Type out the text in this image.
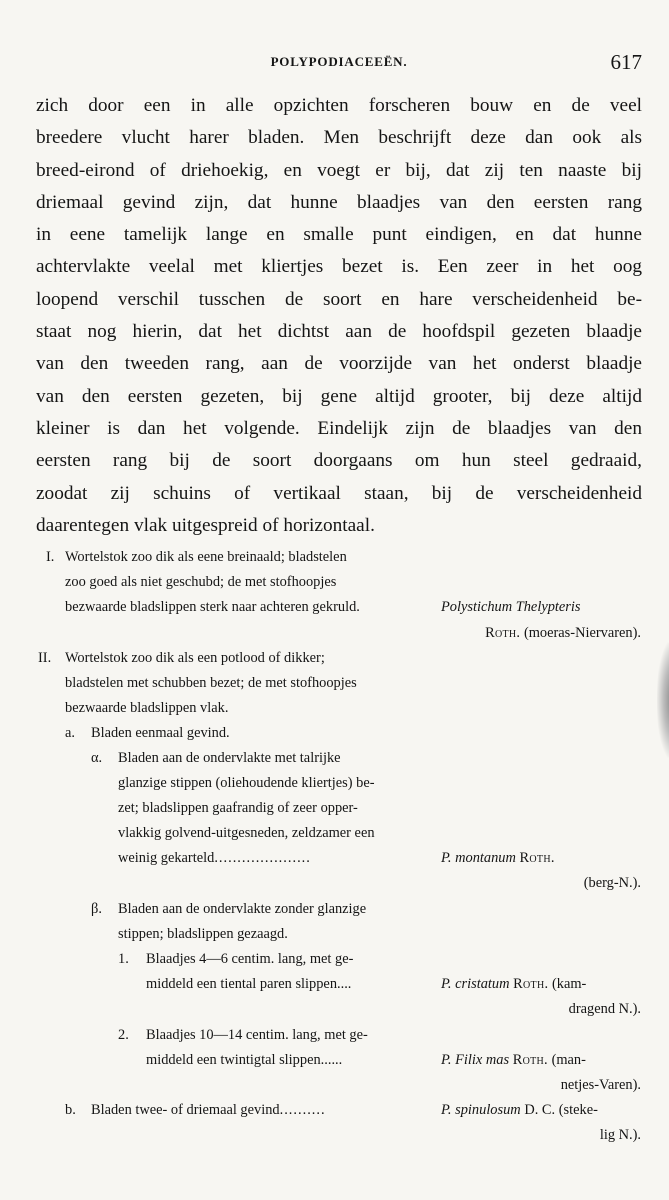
POLYPODIACEEËN.	617
zich door een in alle opzichten forscheren bouw en de veel
breedere vlucht harer bladen. Men beschrijft deze dan ook als
breed-eirond of driehoekig, en voegt er bij, dat zij ten naaste bij
driemaal gevind zijn, dat hunne blaadjes van den eersten rang
in eene tamelijk lange en smalle punt eindigen, en dat hunne
achtervlakte veelal met kliertjes bezet is. Een zeer in het oog
loopend verschil tusschen de soort en hare verscheidenheid be-
staat nog hierin, dat het dichtst aan de hoofdspil gezeten blaadje
van den tweeden rang, aan de voorzijde van het onderst blaadje
van den eersten gezeten, bij gene altijd grooter, bij deze altijd
kleiner is dan het volgende. Eindelijk zijn de blaadjes van den
eersten rang bij de soort doorgaans om hun steel gedraaid,
zoodat zij schuins of vertikaal staan, bij de verscheidenheid
daarentegen vlak uitgespreid of horizontaal.
I. Wortelstok zoo dik als eene breinaald; bladstelen
zoo goed als niet geschubd; de met stofhoopjes
bezwaarde bladslippen sterk naar achteren gekruld.	Polystichum Thelypteris
Roth. (moeras-Niervaren).
II. Wortelstok zoo dik als een potlood of dikker;
bladstelen met schubben bezet; de met stofhoopjes
bezwaarde bladslippen vlak.
a. Bladen eenmaal gevind.
α. Bladen aan de ondervlakte met talrijke
glanzige stippen (oliehoudende kliertjes) be-
zet; bladslippen gaafrandig of zeer opper-
vlakkig golvend-uitgesneden, zeldzamer een
weinig gekarteld.....................	P. montanum Roth.
(berg-N.).
β. Bladen aan de ondervlakte zonder glanzige
stippen; bladslippen gezaagd.
1. Blaadjes 4—6 centim. lang, met ge-
middeld een tiental paren slippen....	P. cristatum Roth. (kam-
dragend N.).
2. Blaadjes 10—14 centim. lang, met ge-
middeld een twintigtal slippen......	P. Filix mas Roth. (man-
netjes-Varen).
b. Bladen twee- of driemaal gevind..........	P. spinulosum D. C. (steke-
lig N.).
